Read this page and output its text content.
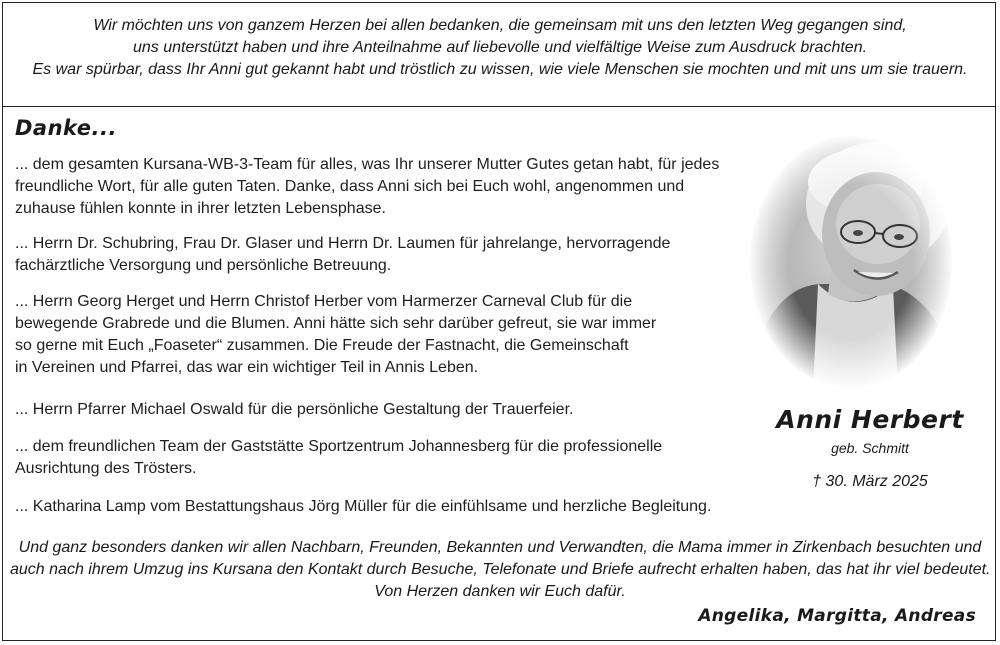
Wir möchten uns von ganzem Herzen bei allen bedanken, die gemeinsam mit uns den letzten Weg gegangen sind,
uns unterstützt haben und ihre Anteilnahme auf liebevolle und vielfältige Weise zum Ausdruck brachten.
Es war spürbar, dass Ihr Anni gut gekannt habt und tröstlich zu wissen, wie viele Menschen sie mochten und mit uns um sie trauern.
Danke...
... dem gesamten Kursana-WB-3-Team für alles, was Ihr unserer Mutter Gutes getan habt, für jedes
freundliche Wort, für alle guten Taten. Danke, dass Anni sich bei Euch wohl, angenommen und
zuhause fühlen konnte in ihrer letzten Lebensphase.
... Herrn Dr. Schubring, Frau Dr. Glaser und Herrn Dr. Laumen für jahrelange, hervorragende
fachärztliche Versorgung und persönliche Betreuung.
... Herrn Georg Herget und Herrn Christof Herber vom Harmerzer Carneval Club für die
bewegende Grabrede und die Blumen. Anni hätte sich sehr darüber gefreut, sie war immer
so gerne mit Euch „Foaseter“ zusammen. Die Freude der Fastnacht, die Gemeinschaft
in Vereinen und Pfarrei, das war ein wichtiger Teil in Annis Leben.
... Herrn Pfarrer Michael Oswald für die persönliche Gestaltung der Trauerfeier.
... dem freundlichen Team der Gaststätte Sportzentrum Johannesberg für die professionelle
Ausrichtung des Trösters.
... Katharina Lamp vom Bestattungshaus Jörg Müller für die einfühlsame und herzliche Begleitung.
Anni Herbert
geb. Schmitt
† 30. März 2025
Und ganz besonders danken wir allen Nachbarn, Freunden, Bekannten und Verwandten, die Mama immer in Zirkenbach besuchten und
auch nach ihrem Umzug ins Kursana den Kontakt durch Besuche, Telefonate und Briefe aufrecht erhalten haben, das hat ihr viel bedeutet.
Von Herzen danken wir Euch dafür.
Angelika, Margitta, Andreas
